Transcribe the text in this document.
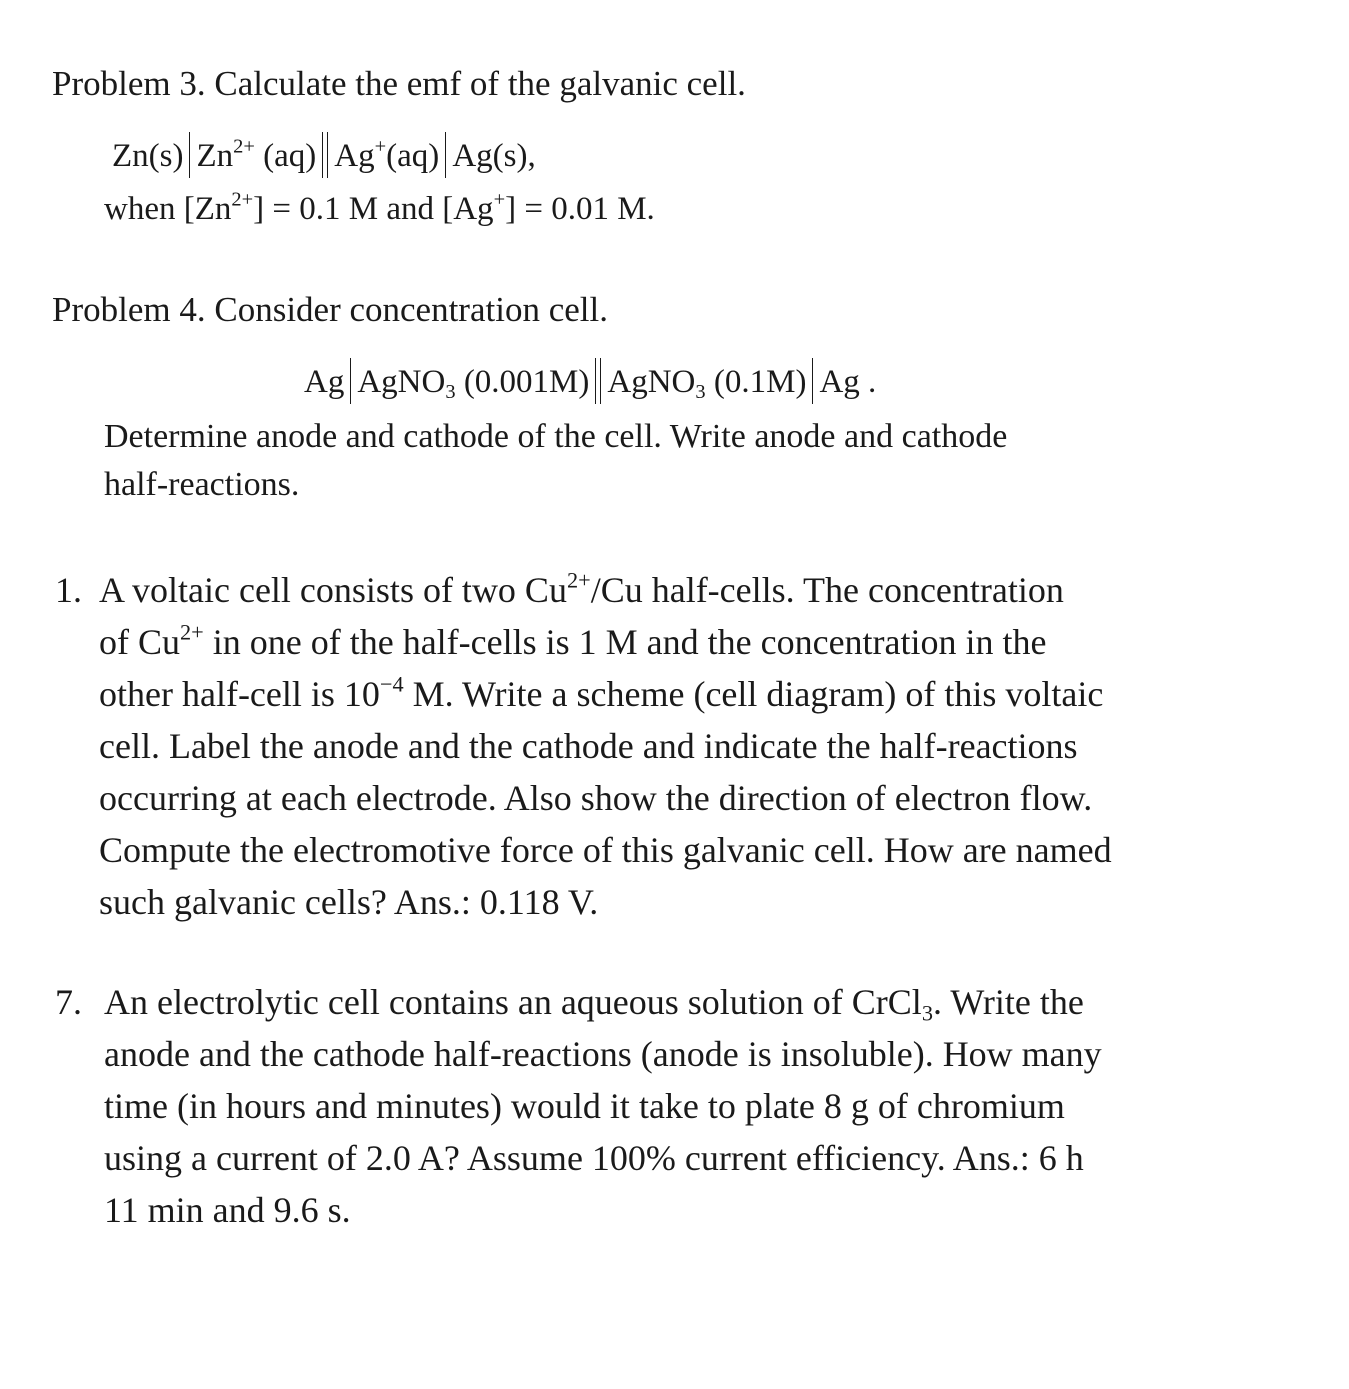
Problem 3. Calculate the emf of the galvanic cell.
Zn(s) $Zn^{2+}$ (aq) Ag+(aq) Ag(s),
when $[Zn^{2+}] = 0.1$ M and [Ag+] = 0.01 M.
Problem 4. Consider concentration cell.
Ag AgNO$_3$ (0.001M) AgNO$_3$ (0.1M) Ag .
Determine anode and cathode of the cell. Write anode and cathode
half-reactions.
1. A voltaic cell consists of two $Cu^{2+}/Cu$ half-cells. The concentration
of $Cu^{2+}$ in one of the half-cells is 1 M and the concentration in the
other half-cell is $10^{-4}$ M. Write a scheme (cell diagram) of this voltaic
cell. Label the anode and the cathode and indicate the half-reactions
occurring at each electrode. Also show the direction of electron flow.
Compute the electromotive force of this galvanic cell. How are named
such galvanic cells? Ans.: 0.118 V.
7. An electrolytic cell contains an aqueous solution of CrCl$_3$. Write the
anode and the cathode half-reactions (anode is insoluble). How many
time (in hours and minutes) would it take to plate 8 g of chromium
using a current of 2.0 A? Assume 100% current efficiency. Ans.: 6 h
11 min and 9.6 s.
